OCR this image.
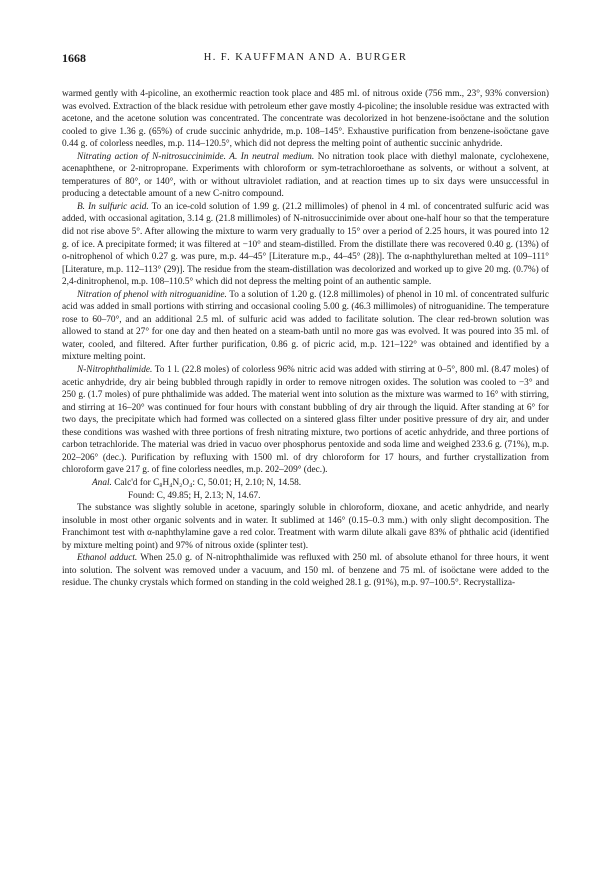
1668	H. F. KAUFFMAN AND A. BURGER

warmed gently with 4-picoline, an exothermic reaction took place and 485 ml. of nitrous oxide (756 mm., 23°, 93% conversion) was evolved. Extraction of the black residue with petroleum ether gave mostly 4-picoline; the insoluble residue was extracted with acetone, and the acetone solution was concentrated. The concentrate was decolorized in hot benzene-isoöctane and the solution cooled to give 1.36 g. (65%) of crude succinic anhydride, m.p. 108–145°. Exhaustive purification from benzene-isoöctane gave 0.44 g. of colorless needles, m.p. 114–120.5°, which did not depress the melting point of authentic succinic anhydride.

Nitrating action of N-nitrosuccinimide. A. In neutral medium. No nitration took place with diethyl malonate, cyclohexene, acenaphthene, or 2-nitropropane. Experiments with chloroform or sym-tetrachloroethane as solvents, or without a solvent, at temperatures of 80°, or 140°, with or without ultraviolet radiation, and at reaction times up to six days were unsuccessful in producing a detectable amount of a new C-nitro compound.

B. In sulfuric acid. To an ice-cold solution of 1.99 g. (21.2 millimoles) of phenol in 4 ml. of concentrated sulfuric acid was added, with occasional agitation, 3.14 g. (21.8 millimoles) of N-nitrosuccinimide over about one-half hour so that the temperature did not rise above 5°. After allowing the mixture to warm very gradually to 15° over a period of 2.25 hours, it was poured into 12 g. of ice. A precipitate formed; it was filtered at −10° and steam-distilled. From the distillate there was recovered 0.40 g. (13%) of o-nitrophenol of which 0.27 g. was pure, m.p. 44–45° [Literature m.p., 44–45° (28)]. The α-naphthylurethan melted at 109–111° [Literature, m.p. 112–113° (29)]. The residue from the steam-distillation was decolorized and worked up to give 20 mg. (0.7%) of 2,4-dinitrophenol, m.p. 108–110.5° which did not depress the melting point of an authentic sample.

Nitration of phenol with nitroguanidine. To a solution of 1.20 g. (12.8 millimoles) of phenol in 10 ml. of concentrated sulfuric acid was added in small portions with stirring and occasional cooling 5.00 g. (46.3 millimoles) of nitroguanidine. The temperature rose to 60–70°, and an additional 2.5 ml. of sulfuric acid was added to facilitate solution. The clear red-brown solution was allowed to stand at 27° for one day and then heated on a steam-bath until no more gas was evolved. It was poured into 35 ml. of water, cooled, and filtered. After further purification, 0.86 g. of picric acid, m.p. 121–122° was obtained and identified by a mixture melting point.

N-Nitrophthalimide. To 1 l. (22.8 moles) of colorless 96% nitric acid was added with stirring at 0–5°, 800 ml. (8.47 moles) of acetic anhydride, dry air being bubbled through rapidly in order to remove nitrogen oxides. The solution was cooled to −3° and 250 g. (1.7 moles) of pure phthalimide was added. The material went into solution as the mixture was warmed to 16° with stirring, and stirring at 16–20° was continued for four hours with constant bubbling of dry air through the liquid. After standing at 6° for two days, the precipitate which had formed was collected on a sintered glass filter under positive pressure of dry air, and under these conditions was washed with three portions of fresh nitrating mixture, two portions of acetic anhydride, and three portions of carbon tetrachloride. The material was dried in vacuo over phosphorus pentoxide and soda lime and weighed 233.6 g. (71%), m.p. 202–206° (dec.). Purification by refluxing with 1500 ml. of dry chloroform for 17 hours, and further crystallization from chloroform gave 217 g. of fine colorless needles, m.p. 202–209° (dec.).

Anal. Calc'd for C₈H₄N₂O₄: C, 50.01; H, 2.10; N, 14.58.

Found: C, 49.85; H, 2.13; N, 14.67.

The substance was slightly soluble in acetone, sparingly soluble in chloroform, dioxane, and acetic anhydride, and nearly insoluble in most other organic solvents and in water. It sublimed at 146° (0.15–0.3 mm.) with only slight decomposition. The Franchimont test with α-naphthylamine gave a red color. Treatment with warm dilute alkali gave 83% of phthalic acid (identified by mixture melting point) and 97% of nitrous oxide (splinter test).

Ethanol adduct. When 25.0 g. of N-nitrophthalimide was refluxed with 250 ml. of absolute ethanol for three hours, it went into solution. The solvent was removed under a vacuum, and 150 ml. of benzene and 75 ml. of isoöctane were added to the residue. The chunky crystals which formed on standing in the cold weighed 28.1 g. (91%), m.p. 97–100.5°. Recrystalliza-
